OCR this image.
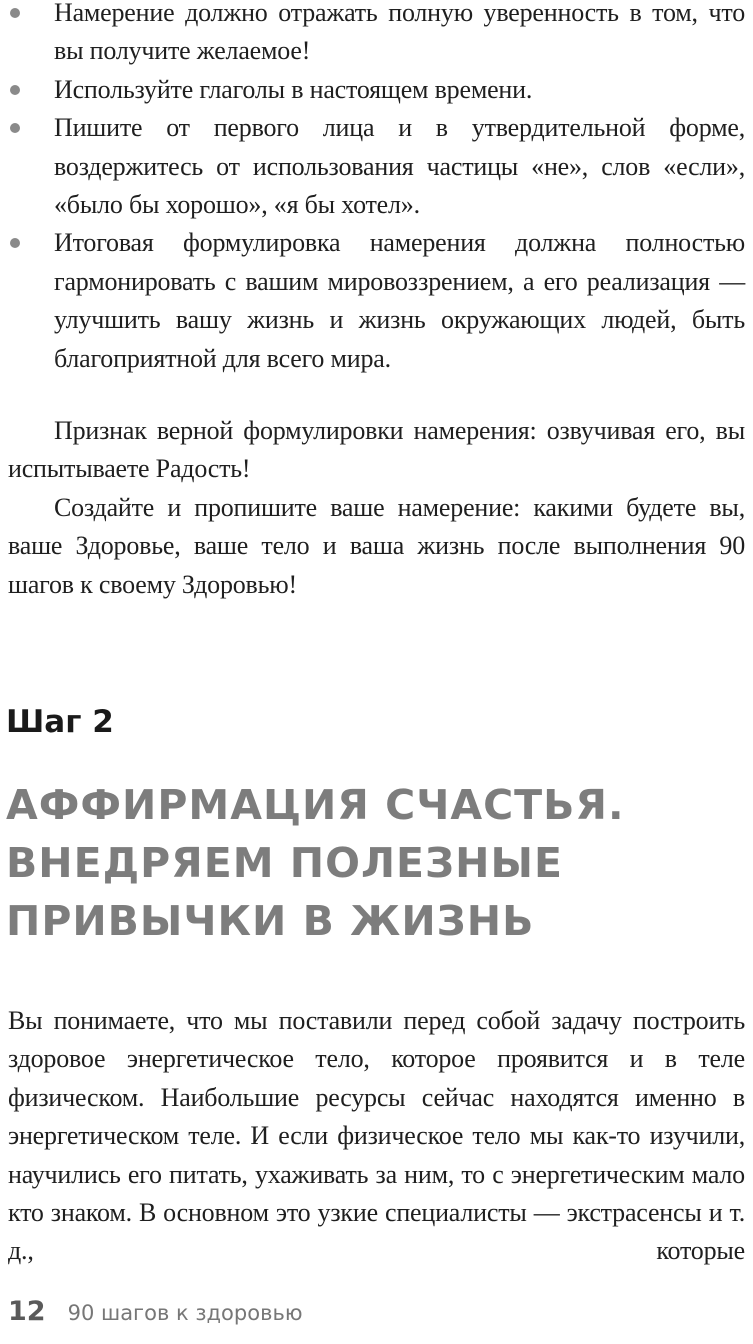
Намерение должно отражать полную уверенность в том, что вы получите желаемое!
Используйте глаголы в настоящем времени.
Пишите от первого лица и в утвердительной форме, воздержитесь от использования частицы «не», слов «если», «было бы хорошо», «я бы хотел».
Итоговая формулировка намерения должна полностью гармонировать с вашим мировоззрением, а его реализация — улучшить вашу жизнь и жизнь окружающих людей, быть благоприятной для всего мира.

Признак верной формулировки намерения: озвучивая его, вы испытываете Радость!

Создайте и пропишите ваше намерение: какими будете вы, ваше Здоровье, ваше тело и ваша жизнь после выполнения 90 шагов к своему Здоровью!

Шаг 2
АФФИРМАЦИЯ СЧАСТЬЯ. ВНЕДРЯЕМ ПОЛЕЗНЫЕ ПРИВЫЧКИ В ЖИЗНЬ

Вы понимаете, что мы поставили перед собой задачу построить здоровое энергетическое тело, которое проявится и в теле физическом. Наибольшие ресурсы сейчас находятся именно в энергетическом теле. И если физическое тело мы как-то изучили, научились его питать, ухаживать за ним, то с энергетическим мало кто знаком. В основном это узкие специалисты — экстрасенсы и т. д., которые

12 90 шагов к здоровью
